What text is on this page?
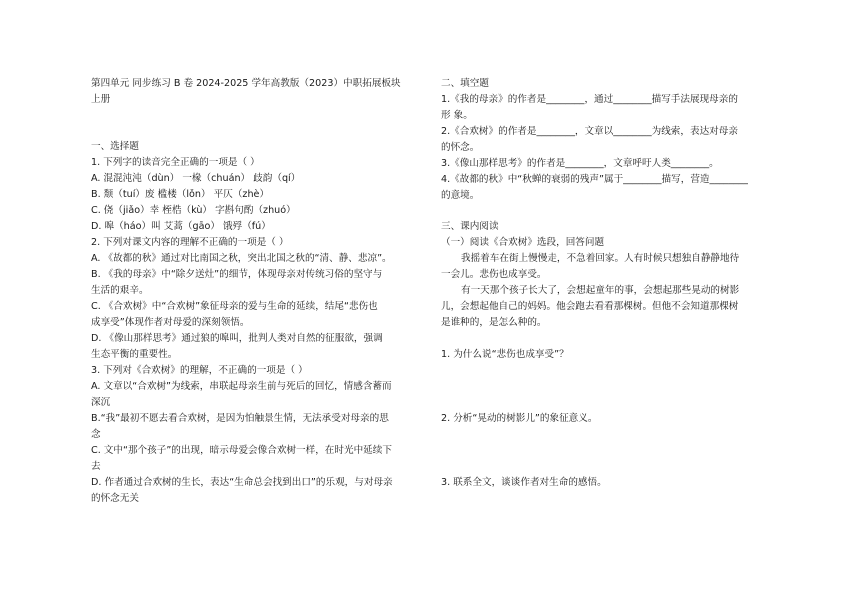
第四单元 同步练习 B 卷 2024-2025 学年高教版（2023）中职拓展板块
上册
一、选择题
1. 下列字的读音完全正确的一项是（ ）
A. 混混沌沌（dùn） 一椽（chuán） 歧韵（qí）
B. 颓（tuí）废 槛楼（lǒn） 平仄（zhè）
C. 侥（jiǎo）幸 桎梏（kù） 字斟句酌（zhuó）
D. 嗥（háo）叫 艾蒿（gāo） 饿殍（fú）
2. 下列对课文内容的理解不正确的一项是（ ）
A. 《故都的秋》通过对比南国之秋，突出北国之秋的“清、静、悲凉”。
B. 《我的母亲》中“除夕送灶”的细节，体现母亲对传统习俗的坚守与
生活的艰辛。
C. 《合欢树》中“合欢树”象征母亲的爱与生命的延续，结尾“悲伤也
成享受”体现作者对母爱的深刻领悟。
D. 《像山那样思考》通过狼的嗥叫，批判人类对自然的征服欲，强调
生态平衡的重要性。
3. 下列对《合欢树》的理解，不正确的一项是（ ）
A. 文章以“合欢树”为线索，串联起母亲生前与死后的回忆，情感含蓄而
深沉
B.“我”最初不愿去看合欢树，是因为怕触景生情，无法承受对母亲的思
念
C. 文中“那个孩子”的出现，暗示母爱会像合欢树一样，在时光中延续下
去
D. 作者通过合欢树的生长，表达“生命总会找到出口”的乐观，与对母亲
的怀念无关
二、填空题
1.《我的母亲》的作者是________，通过________描写手法展现母亲的
形 象。
2.《合欢树》的作者是________，文章以________为线索，表达对母亲
的怀念。
3.《像山那样思考》的作者是________，文章呼吁人类________。
4.《故都的秋》中“秋蝉的衰弱的残声”属于________描写，营造________
的意境。
三、课内阅读
（一）阅读《合欢树》选段，回答问题
我摇着车在街上慢慢走，不急着回家。人有时候只想独自静静地待
一会儿。悲伤也成享受。
有一天那个孩子长大了，会想起童年的事，会想起那些晃动的树影
儿，会想起他自己的妈妈。他会跑去看看那棵树。但他不会知道那棵树
是谁种的，是怎么种的。
1. 为什么说“悲伤也成享受”？
2. 分析“晃动的树影儿”的象征意义。
3. 联系全文，谈谈作者对生命的感悟。
